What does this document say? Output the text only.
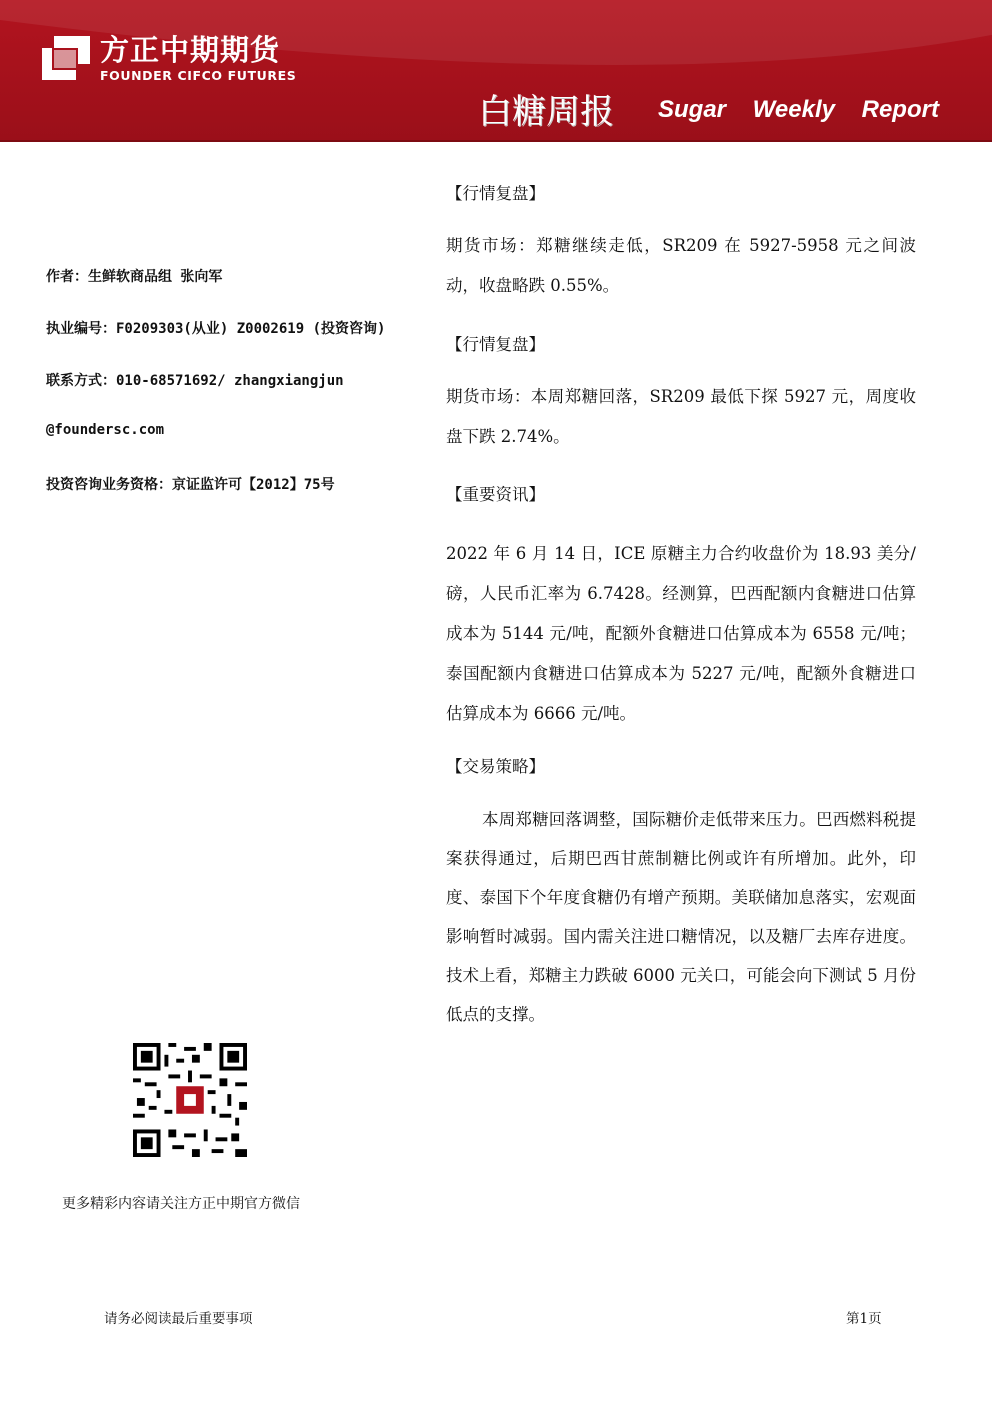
方正中期期货
FOUNDER CIFCO FUTURES
白糖周报 Sugar Weekly Report
作者：生鲜软商品组 张向军
执业编号：F0209303(从业) Z0002619 (投资咨询)
联系方式：010-68571692/ zhangxiangjun
@foundersc.com
投资咨询业务资格：京证监许可【2012】75号
【行情复盘】

期货市场：郑糖继续走低，SR209 在 5927-5958 元之间波动，收盘略跌 0.55%。

【行情复盘】

期货市场：本周郑糖回落，SR209 最低下探 5927 元，周度收盘下跌 2.74%。

【重要资讯】

2022 年 6 月 14 日，ICE 原糖主力合约收盘价为 18.93 美分/磅，人民币汇率为 6.7428。经测算，巴西配额内食糖进口估算成本为 5144 元/吨，配额外食糖进口估算成本为 6558 元/吨；泰国配额内食糖进口估算成本为 5227 元/吨，配额外食糖进口估算成本为 6666 元/吨。

【交易策略】

本周郑糖回落调整，国际糖价走低带来压力。巴西燃料税提案获得通过，后期巴西甘蔗制糖比例或许有所增加。此外，印度、泰国下个年度食糖仍有增产预期。美联储加息落实，宏观面影响暂时减弱。国内需关注进口糖情况，以及糖厂去库存进度。技术上看，郑糖主力跌破 6000 元关口，可能会向下测试 5 月份低点的支撑。

更多精彩内容请关注方正中期官方微信
请务必阅读最后重要事项	第1页
